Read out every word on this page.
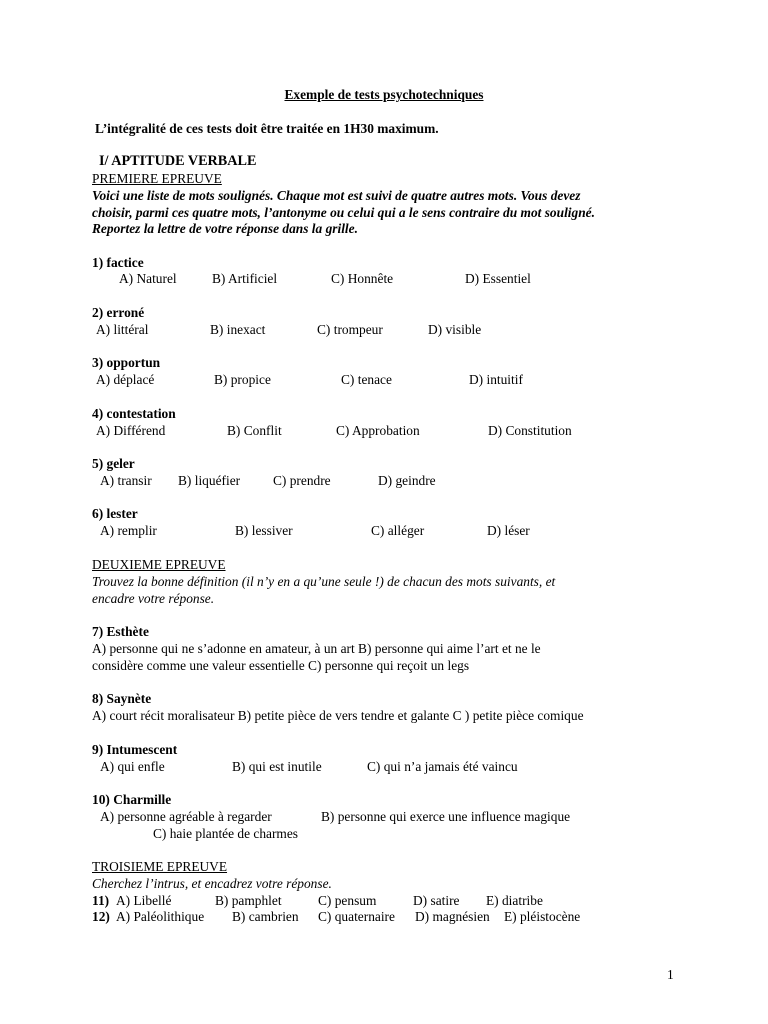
Exemple de tests psychotechniques
L’intégralité de ces tests doit être traitée en 1H30 maximum.
I/ APTITUDE VERBALE
PREMIERE EPREUVE
Voici une liste de mots soulignés. Chaque mot est suivi de quatre autres mots. Vous devez
choisir, parmi ces quatre mots, l’antonyme ou celui qui a le sens contraire du mot souligné.
Reportez la lettre de votre réponse dans la grille.
1) factice
A) Naturel	B) Artificiel	C) Honnête	D) Essentiel
2) erroné
A) littéral	B) inexact	C) trompeur	D) visible
3) opportun
A) déplacé	B) propice	C) tenace	D) intuitif
4) contestation
A) Différend	B) Conflit	C) Approbation	D) Constitution
5) geler
A) transir B) liquéfier C) prendre	D) geindre
6) lester
A) remplir	B) lessiver	C) alléger	D) léser
DEUXIEME EPREUVE
Trouvez la bonne définition (il n’y en a qu’une seule !) de chacun des mots suivants, et
encadre votre réponse.
7) Esthète
A) personne qui ne s’adonne en amateur, à un art B) personne qui aime l’art et ne le
considère comme une valeur essentielle C) personne qui reçoit un legs
8) Saynète
A) court récit moralisateur B) petite pièce de vers tendre et galante C ) petite pièce comique
9) Intumescent
A) qui enfle	B) qui est inutile	C) qui n’a jamais été vaincu
10) Charmille
A) personne agréable à regarder	B) personne qui exerce une influence magique
C) haie plantée de charmes
TROISIEME EPREUVE
Cherchez l’intrus, et encadrez votre réponse.
11) A) Libellé	B) pamphlet	C) pensum	D) satire E) diatribe
12) A) Paléolithique B) cambrien C) quaternaire D) magnésien E) pléistocène
1
